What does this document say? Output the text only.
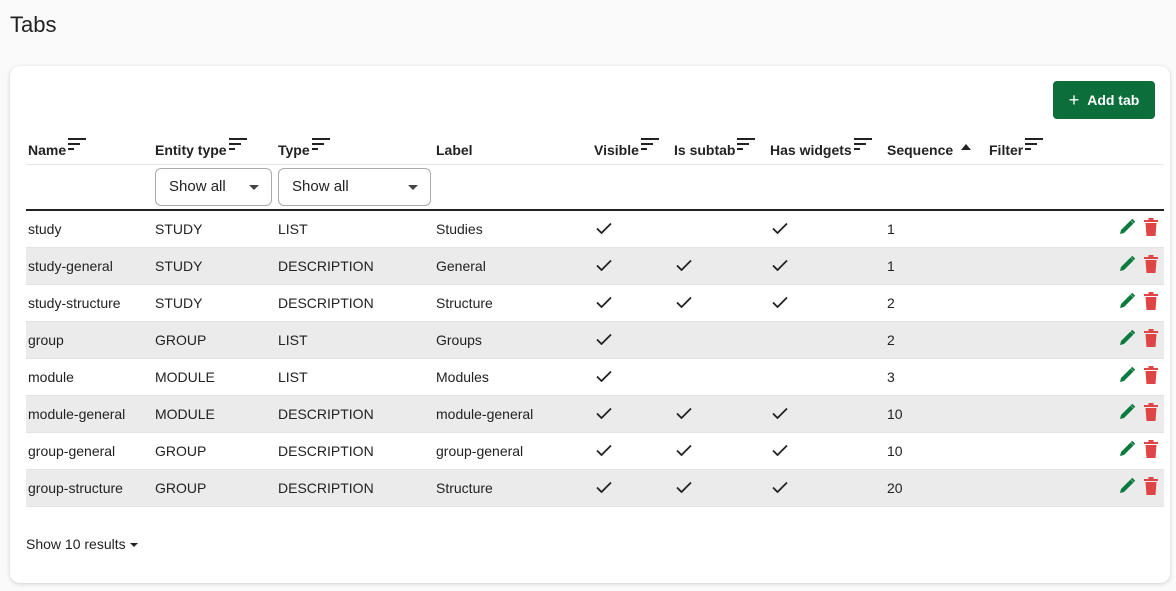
Tabs
+ Add tab
Name	Entity type	Type	Label	Visible	Is subtab	Has widgets	Sequence	Filter	

	Show all	Show all							

study	STUDY	LIST	Studies				1		
study-general	STUDY	DESCRIPTION	General				1		
study-structure	STUDY	DESCRIPTION	Structure				2		
group	GROUP	LIST	Groups				2		
module	MODULE	LIST	Modules				3		
module-general	MODULE	DESCRIPTION	module-general				10		
group-general	GROUP	DESCRIPTION	group-general				10		
group-structure	GROUP	DESCRIPTION	Structure				20		
Show 10 results
